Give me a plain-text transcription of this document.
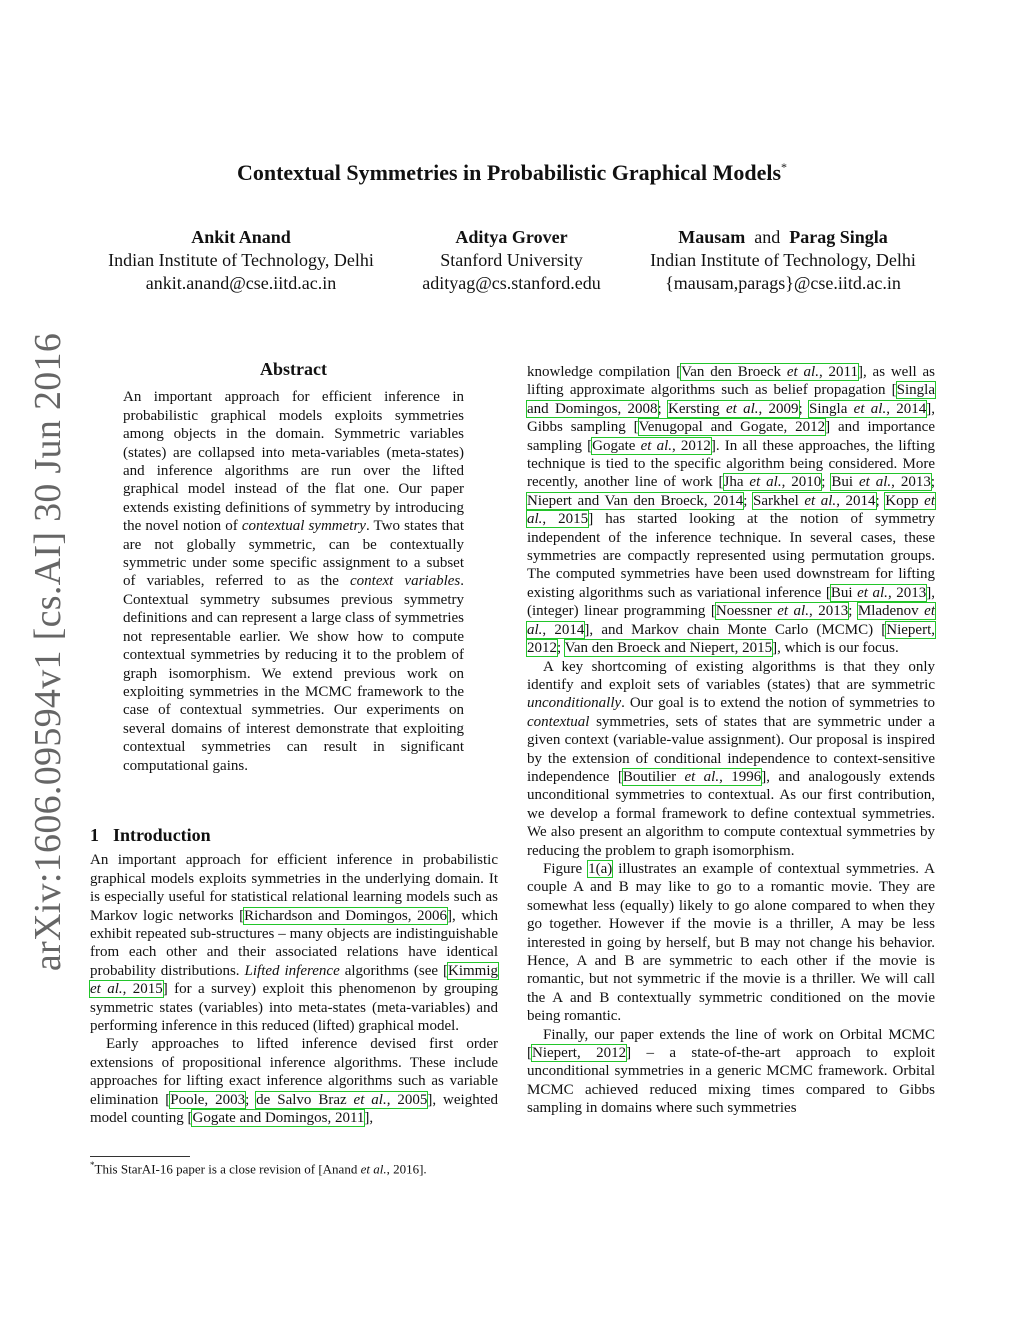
arXiv:1606.09594v1 [cs.AI] 30 Jun 2016
Contextual Symmetries in Probabilistic Graphical Models*
Ankit Anand
Indian Institute of Technology, Delhi
ankit.anand@cse.iitd.ac.in
Aditya Grover
Stanford University
adityag@cs.stanford.edu
Mausam and Parag Singla
Indian Institute of Technology, Delhi
{mausam,parags}@cse.iitd.ac.in
Abstract

An important approach for efficient inference in probabilistic graphical models exploits symmetries among objects in the domain. Symmetric variables (states) are collapsed into meta-variables (meta-states) and inference algorithms are run over the lifted graphical model instead of the flat one. Our paper extends existing definitions of symmetry by introducing the novel notion of contextual symmetry. Two states that are not globally symmetric, can be contextually symmetric under some specific assignment to a subset of variables, referred to as the context variables. Contextual symmetry subsumes previous symmetry definitions and can represent a large class of symmetries not representable earlier. We show how to compute contextual symmetries by reducing it to the problem of graph isomorphism. We extend previous work on exploiting symmetries in the MCMC framework to the case of contextual symmetries. Our experiments on several domains of interest demonstrate that exploiting contextual symmetries can result in significant computational gains.

1 Introduction

An important approach for efficient inference in probabilistic graphical models exploits symmetries in the underlying domain. It is especially useful for statistical relational learning models such as Markov logic networks [Richardson and Domingos, 2006], which exhibit repeated sub-structures – many objects are indistinguishable from each other and their associated relations have identical probability distributions. Lifted inference algorithms (see [Kimmig et al., 2015] for a survey) exploit this phenomenon by grouping symmetric states (variables) into meta-states (meta-variables) and performing inference in this reduced (lifted) graphical model.

Early approaches to lifted inference devised first order extensions of propositional inference algorithms. These include approaches for lifting exact inference algorithms such as variable elimination [Poole, 2003; de Salvo Braz et al., 2005], weighted model counting [Gogate and Domingos, 2011],

*This StarAI-16 paper is a close revision of [Anand et al., 2016].

knowledge compilation [Van den Broeck et al., 2011], as well as lifting approximate algorithms such as belief propagation [Singla and Domingos, 2008; Kersting et al., 2009; Singla et al., 2014], Gibbs sampling [Venugopal and Gogate, 2012] and importance sampling [Gogate et al., 2012]. In all these approaches, the lifting technique is tied to the specific algorithm being considered. More recently, another line of work [Jha et al., 2010; Bui et al., 2013; Niepert and Van den Broeck, 2014; Sarkhel et al., 2014; Kopp et al., 2015] has started looking at the notion of symmetry independent of the inference technique. In several cases, these symmetries are compactly represented using permutation groups. The computed symmetries have been used downstream for lifting existing algorithms such as variational inference [Bui et al., 2013], (integer) linear programming [Noessner et al., 2013; Mladenov et al., 2014], and Markov chain Monte Carlo (MCMC) [Niepert, 2012; Van den Broeck and Niepert, 2015], which is our focus.

A key shortcoming of existing algorithms is that they only identify and exploit sets of variables (states) that are symmetric unconditionally. Our goal is to extend the notion of symmetries to contextual symmetries, sets of states that are symmetric under a given context (variable-value assignment). Our proposal is inspired by the extension of conditional independence to context-sensitive independence [Boutilier et al., 1996], and analogously extends unconditional symmetries to contextual. As our first contribution, we develop a formal framework to define contextual symmetries. We also present an algorithm to compute contextual symmetries by reducing the problem to graph isomorphism.

Figure 1(a) illustrates an example of contextual symmetries. A couple A and B may like to go to a romantic movie. They are somewhat less (equally) likely to go alone compared to when they go together. However if the movie is a thriller, A may be less interested in going by herself, but B may not change his behavior. Hence, A and B are symmetric to each other if the movie is romantic, but not symmetric if the movie is a thriller. We will call the A and B contextually symmetric conditioned on the movie being romantic.

Finally, our paper extends the line of work on Orbital MCMC [Niepert, 2012] – a state-of-the-art approach to exploit unconditional symmetries in a generic MCMC framework. Orbital MCMC achieved reduced mixing times compared to Gibbs sampling in domains where such symmetries
